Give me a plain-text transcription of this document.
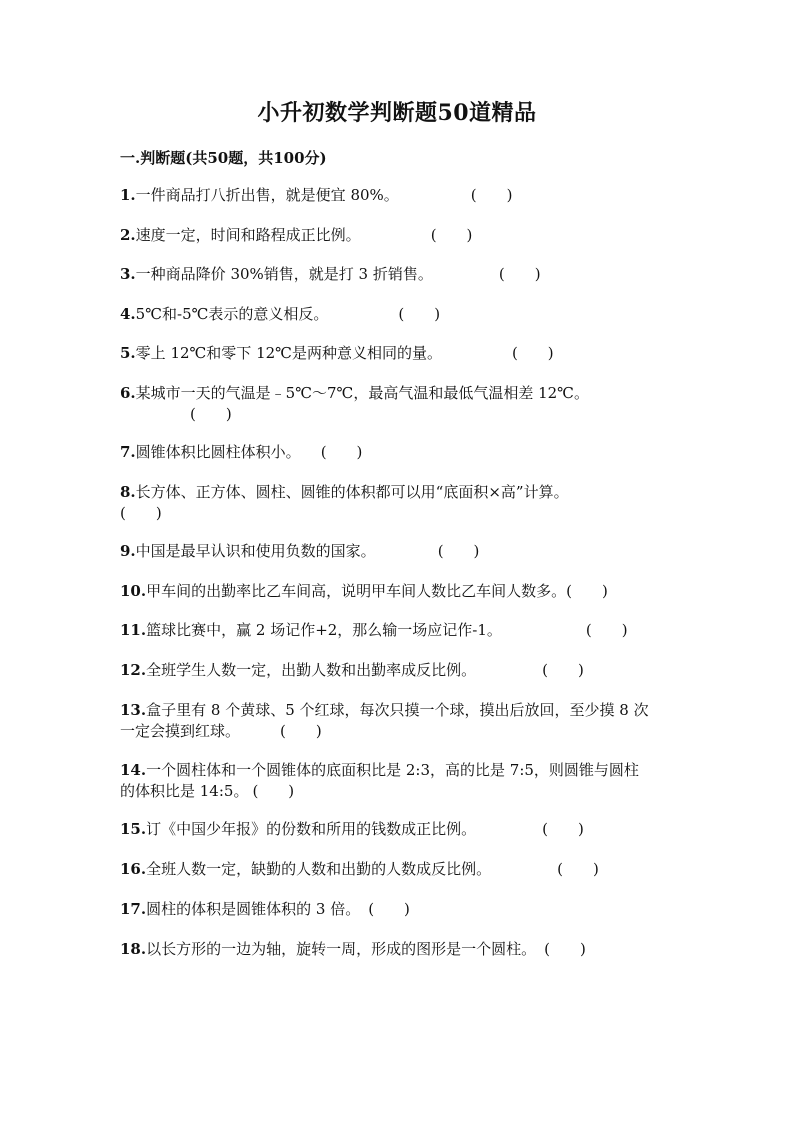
小升初数学判断题50道精品
一.判断题(共50题，共100分)
1.一件商品打八折出售，就是便宜 80%。	(　　)
2.速度一定，时间和路程成正比例。	(　　)
3.一种商品降价 30%销售，就是打 3 折销售。	(　　)
4.5℃和-5℃表示的意义相反。	(　　)
5.零上 12℃和零下 12℃是两种意义相同的量。	(　　)
6.某城市一天的气温是﹣5℃～7℃，最高气温和最低气温相差 12℃。
(　　)
7.圆锥体积比圆柱体积小。 (　　)
8.长方体、正方体、圆柱、圆锥的体积都可以用“底面积×高”计算。
(　　)
9.中国是最早认识和使用负数的国家。	(　　)
10.甲车间的出勤率比乙车间高，说明甲车间人数比乙车间人数多。(　　)
11.篮球比赛中，赢 2 场记作+2，那么输一场应记作-1。	(　　)
12.全班学生人数一定，出勤人数和出勤率成反比例。	(　　)
13.盒子里有 8 个黄球、5 个红球，每次只摸一个球，摸出后放回，至少摸 8 次
一定会摸到红球。	(　　)
14.一个圆柱体和一个圆锥体的底面积比是 2:3，高的比是 7:5，则圆锥与圆柱
的体积比是 14:5。 (　　)
15.订《中国少年报》的份数和所用的钱数成正比例。	(　　)
16.全班人数一定，缺勤的人数和出勤的人数成反比例。	(　　)
17.圆柱的体积是圆锥体积的 3 倍。 (　　)
18.以长方形的一边为轴，旋转一周，形成的图形是一个圆柱。 (　　)
